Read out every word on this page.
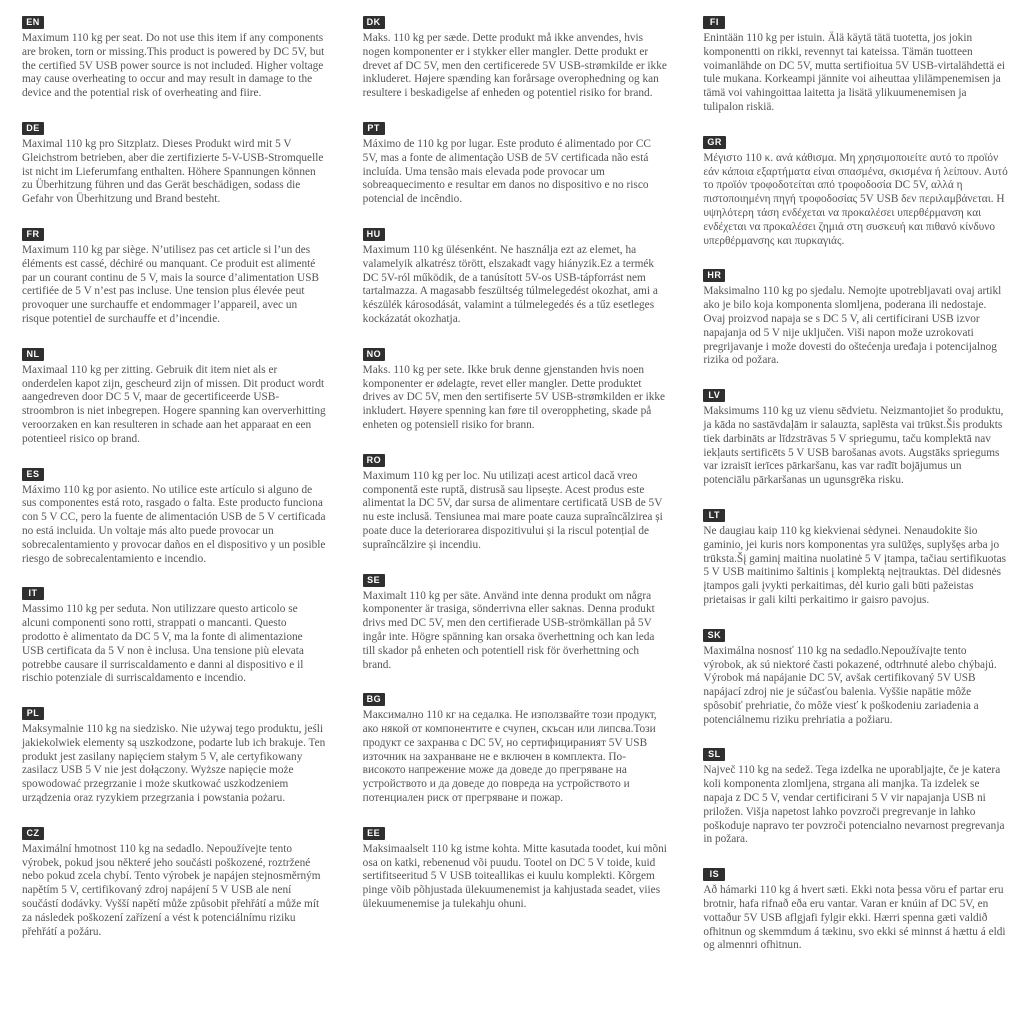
EN

Maximum 110 kg per seat. Do not use this item if any components are broken, torn or missing.This product is powered by DC 5V, but the certified 5V USB power source is not included. Higher voltage may cause overheating to occur and may result in damage to the device and the potential risk of overheating and fiire.

DE

Maximal 110 kg pro Sitzplatz. Dieses Produkt wird mit 5 V Gleichstrom betrieben, aber die zertifizierte 5-V-USB-Stromquelle ist nicht im Lieferumfang enthalten. Höhere Spannungen können zu Überhitzung führen und das Gerät beschädigen, sodass die Gefahr von Überhitzung und Brand besteht.

FR

Maximum 110 kg par siège. N’utilisez pas cet article si l’un des éléments est cassé, déchiré ou manquant. Ce produit est alimenté par un courant continu de 5 V, mais la source d’alimentation USB certifiée de 5 V n’est pas incluse. Une tension plus élevée peut provoquer une surchauffe et endommager l’appareil, avec un risque potentiel de surchauffe et d’incendie.

NL

Maximaal 110 kg per zitting. Gebruik dit item niet als er onderdelen kapot zijn, gescheurd zijn of missen. Dit product wordt aangedreven door DC 5 V, maar de gecertificeerde USB-stroombron is niet inbegrepen. Hogere spanning kan oververhitting veroorzaken en kan resulteren in schade aan het apparaat en een potentieel risico op brand.

ES

Máximo 110 kg por asiento. No utilice este artículo si alguno de sus componentes está roto, rasgado o falta. Este producto funciona con 5 V CC, pero la fuente de alimentación USB de 5 V certificada no está incluida. Un voltaje más alto puede provocar un sobrecalentamiento y provocar daños en el dispositivo y un posible riesgo de sobrecalentamiento e incendio.

IT

Massimo 110 kg per seduta. Non utilizzare questo articolo se alcuni componenti sono rotti, strappati o mancanti. Questo prodotto è alimentato da DC 5 V, ma la fonte di alimentazione USB certificata da 5 V non è inclusa. Una tensione più elevata potrebbe causare il surriscaldamento e danni al dispositivo e il rischio potenziale di surriscaldamento e incendio.

PL

Maksymalnie 110 kg na siedzisko. Nie używaj tego produktu, jeśli jakiekolwiek elementy są uszkodzone, podarte lub ich brakuje. Ten produkt jest zasilany napięciem stałym 5 V, ale certyfikowany zasilacz USB 5 V nie jest dołączony. Wyższe napięcie może spowodować przegrzanie i może skutkować uszkodzeniem urządzenia oraz ryzykiem przegrzania i powstania pożaru.

CZ

Maximální hmotnost 110 kg na sedadlo. Nepoužívejte tento výrobek, pokud jsou některé jeho součásti poškozené, roztržené nebo pokud zcela chybí. Tento výrobek je napájen stejnosměrným napětím 5 V, certifikovaný zdroj napájení 5 V USB ale není součástí dodávky. Vyšší napětí může způsobit přehřátí a může mít za následek poškození zařízení a vést k potenciálnímu riziku přehřátí a požáru.

DK

Maks. 110 kg per sæde. Dette produkt må ikke anvendes, hvis nogen komponenter er i stykker eller mangler. Dette produkt er drevet af DC 5V, men den certificerede 5V USB-strømkilde er ikke inkluderet. Højere spænding kan forårsage overophedning og kan resultere i beskadigelse af enheden og potentiel risiko for brand.

PT

Máximo de 110 kg por lugar. Este produto é alimentado por CC 5V, mas a fonte de alimentação USB de 5V certificada não está incluída. Uma tensão mais elevada pode provocar um sobreaquecimento e resultar em danos no dispositivo e no risco potencial de incêndio.

HU

Maximum 110 kg ülésenként. Ne használja ezt az elemet, ha valamelyik alkatrész törött, elszakadt vagy hiányzik.Ez a termék DC 5V-ról működik, de a tanúsított 5V-os USB-tápforrást nem tartalmazza. A magasabb feszültség túlmelegedést okozhat, ami a készülék károsodását, valamint a túlmelegedés és a tűz esetleges kockázatát okozhatja.

NO

Maks. 110 kg per sete. Ikke bruk denne gjenstanden hvis noen komponenter er ødelagte, revet eller mangler. Dette produktet drives av DC 5V, men den sertifiserte 5V USB-strømkilden er ikke inkludert. Høyere spenning kan føre til overoppheting, skade på enheten og potensiell risiko for brann.

RO

Maximum 110 kg per loc. Nu utilizați acest articol dacă vreo componentă este ruptă, distrusă sau lipsește. Acest produs este alimentat la DC 5V, dar sursa de alimentare certificată USB de 5V nu este inclusă. Tensiunea mai mare poate cauza supraîncălzirea și poate duce la deteriorarea dispozitivului și la riscul potențial de supraîncălzire și incendiu.

SE

Maximalt 110 kg per säte. Använd inte denna produkt om några komponenter är trasiga, sönderrivna eller saknas. Denna produkt drivs med DC 5V, men den certifierade USB-strömkällan på 5V ingår inte. Högre spänning kan orsaka överhettning och kan leda till skador på enheten och potentiell risk för överhettning och brand.

BG

Максимално 110 кг на седалка. Не използвайте този продукт, ако някой от компонентите е счупен, скъсан или липсва.Този продукт се захранва с DC 5V, но сертифицираният 5V USB източник на захранване не е включен в комплекта. По-високото напрежение може да доведе до прегряване на устройството и да доведе до повреда на устройството и потенциален риск от прегряване и пожар.

EE

Maksimaalselt 110 kg istme kohta. Mitte kasutada toodet, kui mõni osa on katki, rebenenud või puudu. Tootel on DC 5 V toide, kuid sertifitseeritud 5 V USB toiteallikas ei kuulu komplekti. Kõrgem pinge võib põhjustada ülekuumenemist ja kahjustada seadet, viies ülekuumenemise ja tulekahju ohuni.

FI

Enintään 110 kg per istuin. Älä käytä tätä tuotetta, jos jokin komponentti on rikki, revennyt tai kateissa. Tämän tuotteen voimanlähde on DC 5V, mutta sertifioitua 5V USB-virtalähdettä ei tule mukana. Korkeampi jännite voi aiheuttaa ylilämpenemisen ja tämä voi vahingoittaa laitetta ja lisätä ylikuumenemisen ja tulipalon riskiä.

GR

Μέγιστο 110 κ. ανά κάθισμα. Μη χρησιμοποιείτε αυτό το προϊόν εάν κάποια εξαρτήματα είναι σπασμένα, σκισμένα ή λείπουν. Αυτό το προϊόν τροφοδοτείται από τροφοδοσία DC 5V, αλλά η πιστοποιημένη πηγή τροφοδοσίας 5V USB δεν περιλαμβάνεται. Η υψηλότερη τάση ενδέχεται να προκαλέσει υπερθέρμανση και ενδέχεται να προκαλέσει ζημιά στη συσκευή και πιθανό κίνδυνο υπερθέρμανσης και πυρκαγιάς.

HR

Maksimalno 110 kg po sjedalu. Nemojte upotrebljavati ovaj artikl ako je bilo koja komponenta slomljena, poderana ili nedostaje. Ovaj proizvod napaja se s DC 5 V, ali certificirani USB izvor napajanja od 5 V nije uključen. Viši napon može uzrokovati pregrijavanje i može dovesti do oštećenja uređaja i potencijalnog rizika od požara.

LV

Maksimums 110 kg uz vienu sēdvietu. Neizmantojiet šo produktu, ja kāda no sastāvdaļām ir salauzta, saplēsta vai trūkst.Šis produkts tiek darbināts ar līdzstrāvas 5 V spriegumu, taču komplektā nav iekļauts sertificēts 5 V USB barošanas avots. Augstāks spriegums var izraisīt ierīces pārkaršanu, kas var radīt bojājumus un potenciālu pārkaršanas un ugunsgrēka risku.

LT

Ne daugiau kaip 110 kg kiekvienai sėdynei. Nenaudokite šio gaminio, jei kuris nors komponentas yra sulūžęs, suplyšęs arba jo trūksta.Šį gaminį maitina nuolatinė 5 V įtampa, tačiau sertifikuotas 5 V USB maitinimo šaltinis į komplektą neįtrauktas. Dėl didesnės įtampos gali įvykti perkaitimas, dėl kurio gali būti pažeistas prietaisas ir gali kilti perkaitimo ir gaisro pavojus.

SK

Maximálna nosnosť 110 kg na sedadlo.Nepoužívajte tento výrobok, ak sú niektoré časti pokazené, odtrhnuté alebo chýbajú. Výrobok má napájanie DC 5V, avšak certifikovaný 5V USB napájací zdroj nie je súčasťou balenia. Vyššie napätie môže spôsobiť prehriatie, čo môže viesť k poškodeniu zariadenia a potenciálnemu riziku prehriatia a požiaru.

SL

Največ 110 kg na sedež. Tega izdelka ne uporabljajte, če je katera koli komponenta zlomljena, strgana ali manjka. Ta izdelek se napaja z DC 5 V, vendar certificirani 5 V vir napajanja USB ni priložen. Višja napetost lahko povzroči pregrevanje in lahko poškoduje napravo ter povzroči potencialno nevarnost pregrevanja in požara.

IS

Að hámarki 110 kg á hvert sæti. Ekki nota þessa vöru ef partar eru brotnir, hafa rifnað eða eru vantar. Varan er knúin af DC 5V, en vottaður 5V USB aflgjafi fylgir ekki. Hærri spenna gæti valdið ofhitnun og skemmdum á tækinu, svo ekki sé minnst á hættu á eldi og almennri ofhitnun.
